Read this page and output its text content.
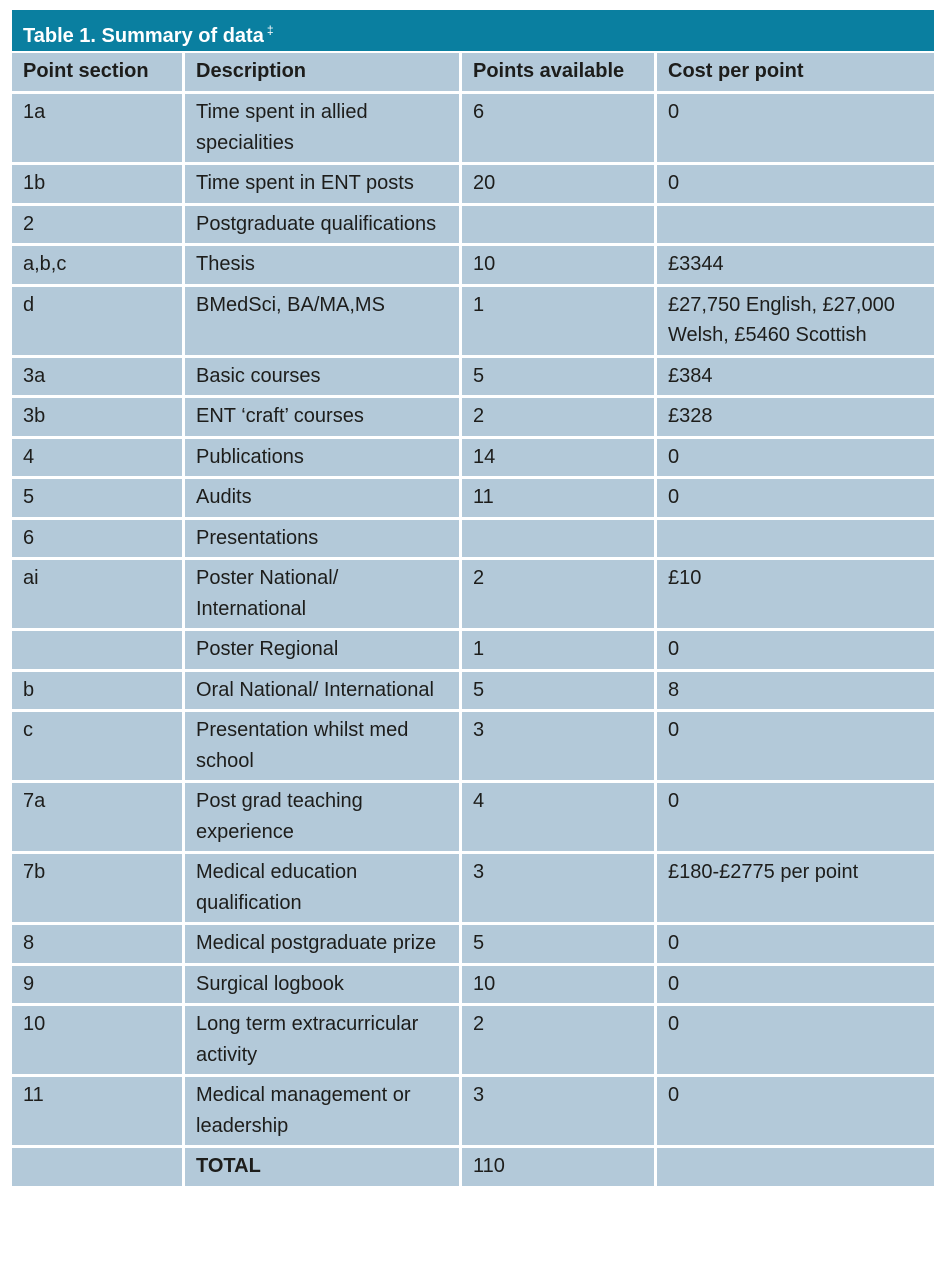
Table 1. Summary of data ‡
Point section	Description	Points available	Cost per point
1a	Time spent in allied specialities	6	0
1b	Time spent in ENT posts	20	0
2	Postgraduate qualifications		
a,b,c	Thesis	10	£3344
d	BMedSci, BA/MA,MS	1	£27,750 English, £27,000 Welsh, £5460 Scottish
3a	Basic courses	5	£384
3b	ENT ‘craft’ courses	2	£328
4	Publications	14	0
5	Audits	11	0
6	Presentations		
ai	Poster National/ International	2	£10
	Poster Regional	1	0
b	Oral National/ International	5	8
c	Presentation whilst med school	3	0
7a	Post grad teaching experience	4	0
7b	Medical education qualification	3	£180-£2775 per point
8	Medical postgraduate prize	5	0
9	Surgical logbook	10	0
10	Long term extracurricular activity	2	0
11	Medical management or leadership	3	0
	TOTAL	110	
